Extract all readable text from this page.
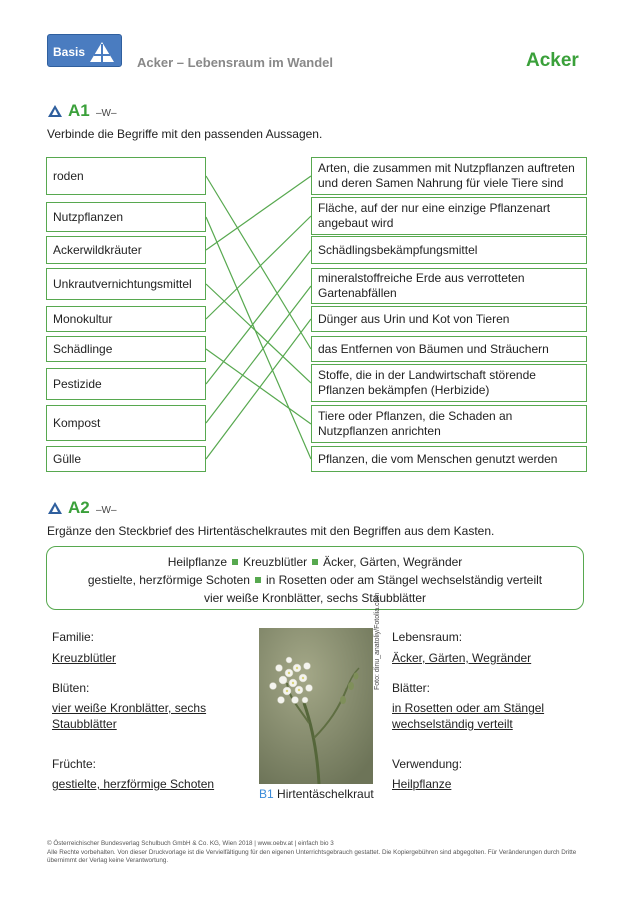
Basis
Acker – Lebensraum im Wandel	Acker
A1 –W–
Verbinde die Begriffe mit den passenden Aussagen.
roden
Nutzpflanzen
Ackerwildkräuter
Unkrautvernichtungsmittel
Monokultur
Schädlinge
Pestizide
Kompost
Gülle
Arten, die zusammen mit Nutzpflanzen auftreten und deren Samen Nahrung für viele Tiere sind
Fläche, auf der nur eine einzige Pflanzenart angebaut wird
Schädlingsbekämpfungsmittel
mineralstoffreiche Erde aus verrotteten Gartenabfällen
Dünger aus Urin und Kot von Tieren
das Entfernen von Bäumen und Sträuchern
Stoffe, die in der Landwirtschaft störende Pflanzen bekämpfen (Herbizide)
Tiere oder Pflanzen, die Schaden an Nutzpflanzen anrichten
Pflanzen, die vom Menschen genutzt werden
A2 –W–
Ergänze den Steckbrief des Hirtentäschelkrautes mit den Begriffen aus dem Kasten.
Heilpflanze Kreuzblütler Äcker, Gärten, Wegränder
gestielte, herzförmige Schoten in Rosetten oder am Stängel wechselständig verteilt
vier weiße Kronblätter, sechs Staubblätter
Familie:
Kreuzblütler
Blüten:
vier weiße Kronblätter, sechs Staubblätter
Früchte:
gestielte, herzförmige Schoten
Foto: dinu_anatoliy/Fotolia.com
B1 Hirtentäschelkraut
Lebensraum:
Äcker, Gärten, Wegränder
Blätter:
in Rosetten oder am Stängel wechselständig verteilt
Verwendung:
Heilpflanze
© Österreichischer Bundesverlag Schulbuch GmbH & Co. KG, Wien 2018 | www.oebv.at | einfach bio 3
Alle Rechte vorbehalten. Von dieser Druckvorlage ist die Vervielfältigung für den eigenen Unterrichtsgebrauch gestattet. Die Kopiergebühren sind abgegolten. Für Veränderungen durch Dritte übernimmt der Verlag keine Verantwortung.
